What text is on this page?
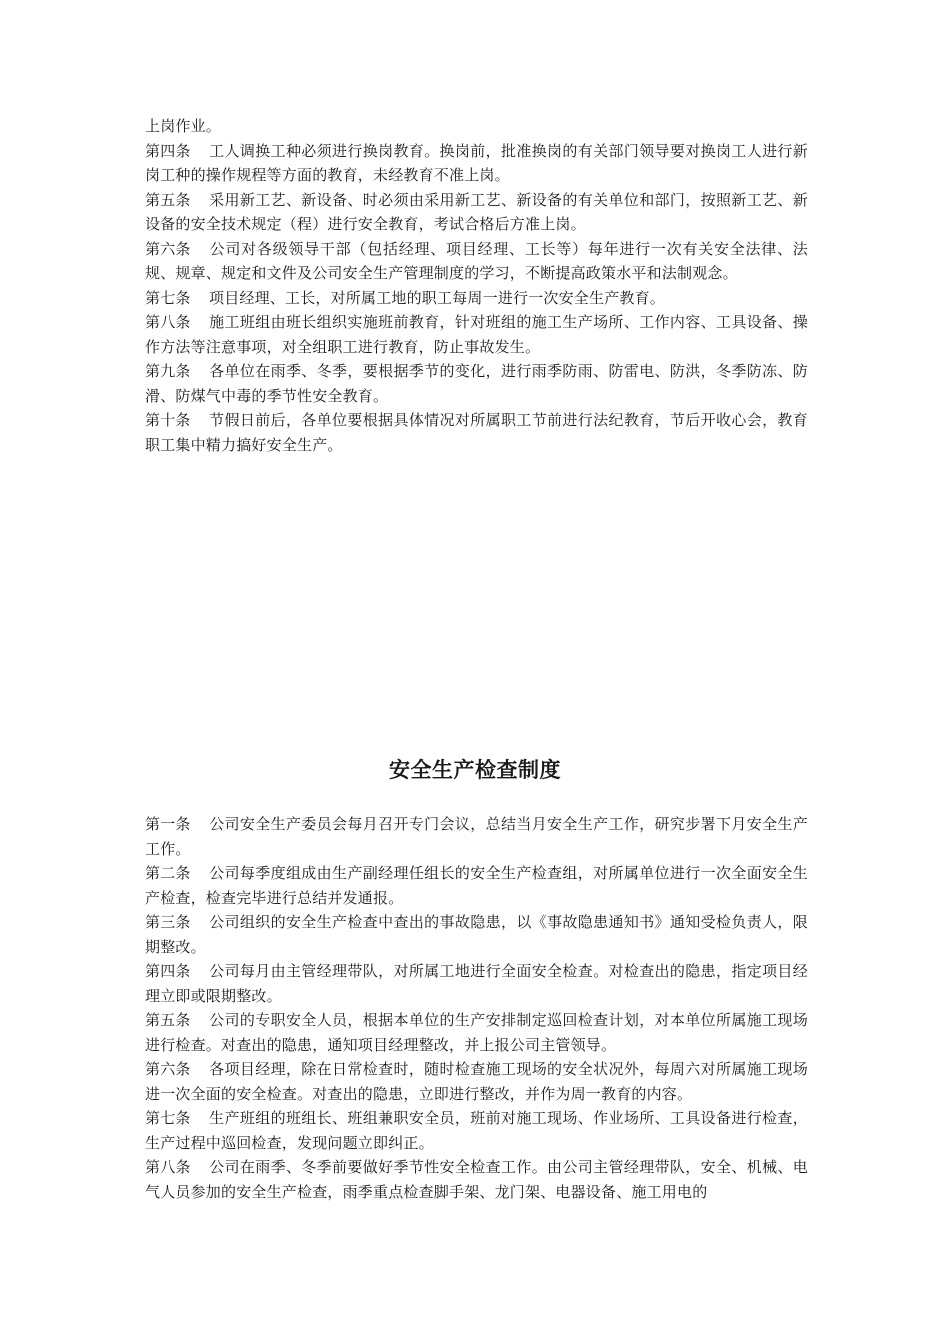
上岗作业。

第四条 工人调换工种必须进行换岗教育。换岗前，批准换岗的有关部门领导要对换岗工人进行新岗工种的操作规程等方面的教育，未经教育不准上岗。

第五条 采用新工艺、新设备、时必须由采用新工艺、新设备的有关单位和部门，按照新工艺、新设备的安全技术规定（程）进行安全教育，考试合格后方准上岗。

第六条 公司对各级领导干部（包括经理、项目经理、工长等）每年进行一次有关安全法律、法规、规章、规定和文件及公司安全生产管理制度的学习，不断提高政策水平和法制观念。

第七条 项目经理、工长，对所属工地的职工每周一进行一次安全生产教育。

第八条 施工班组由班长组织实施班前教育，针对班组的施工生产场所、工作内容、工具设备、操作方法等注意事项，对全组职工进行教育，防止事故发生。

第九条 各单位在雨季、冬季，要根据季节的变化，进行雨季防雨、防雷电、防洪，冬季防冻、防滑、防煤气中毒的季节性安全教育。

第十条 节假日前后，各单位要根据具体情况对所属职工节前进行法纪教育，节后开收心会，教育职工集中精力搞好安全生产。

安全生产检查制度

第一条 公司安全生产委员会每月召开专门会议，总结当月安全生产工作，研究步署下月安全生产工作。

第二条 公司每季度组成由生产副经理任组长的安全生产检查组，对所属单位进行一次全面安全生产检查，检查完毕进行总结并发通报。

第三条 公司组织的安全生产检查中查出的事故隐患，以《事故隐患通知书》通知受检负责人，限期整改。

第四条 公司每月由主管经理带队，对所属工地进行全面安全检查。对检查出的隐患，指定项目经理立即或限期整改。

第五条 公司的专职安全人员，根据本单位的生产安排制定巡回检查计划，对本单位所属施工现场进行检查。对查出的隐患，通知项目经理整改，并上报公司主管领导。

第六条 各项目经理，除在日常检查时，随时检查施工现场的安全状况外，每周六对所属施工现场进一次全面的安全检查。对查出的隐患，立即进行整改，并作为周一教育的内容。

第七条 生产班组的班组长、班组兼职安全员，班前对施工现场、作业场所、工具设备进行检查，生产过程中巡回检查，发现问题立即纠正。

第八条 公司在雨季、冬季前要做好季节性安全检查工作。由公司主管经理带队，安全、机械、电气人员参加的安全生产检查，雨季重点检查脚手架、龙门架、电器设备、施工用电的
